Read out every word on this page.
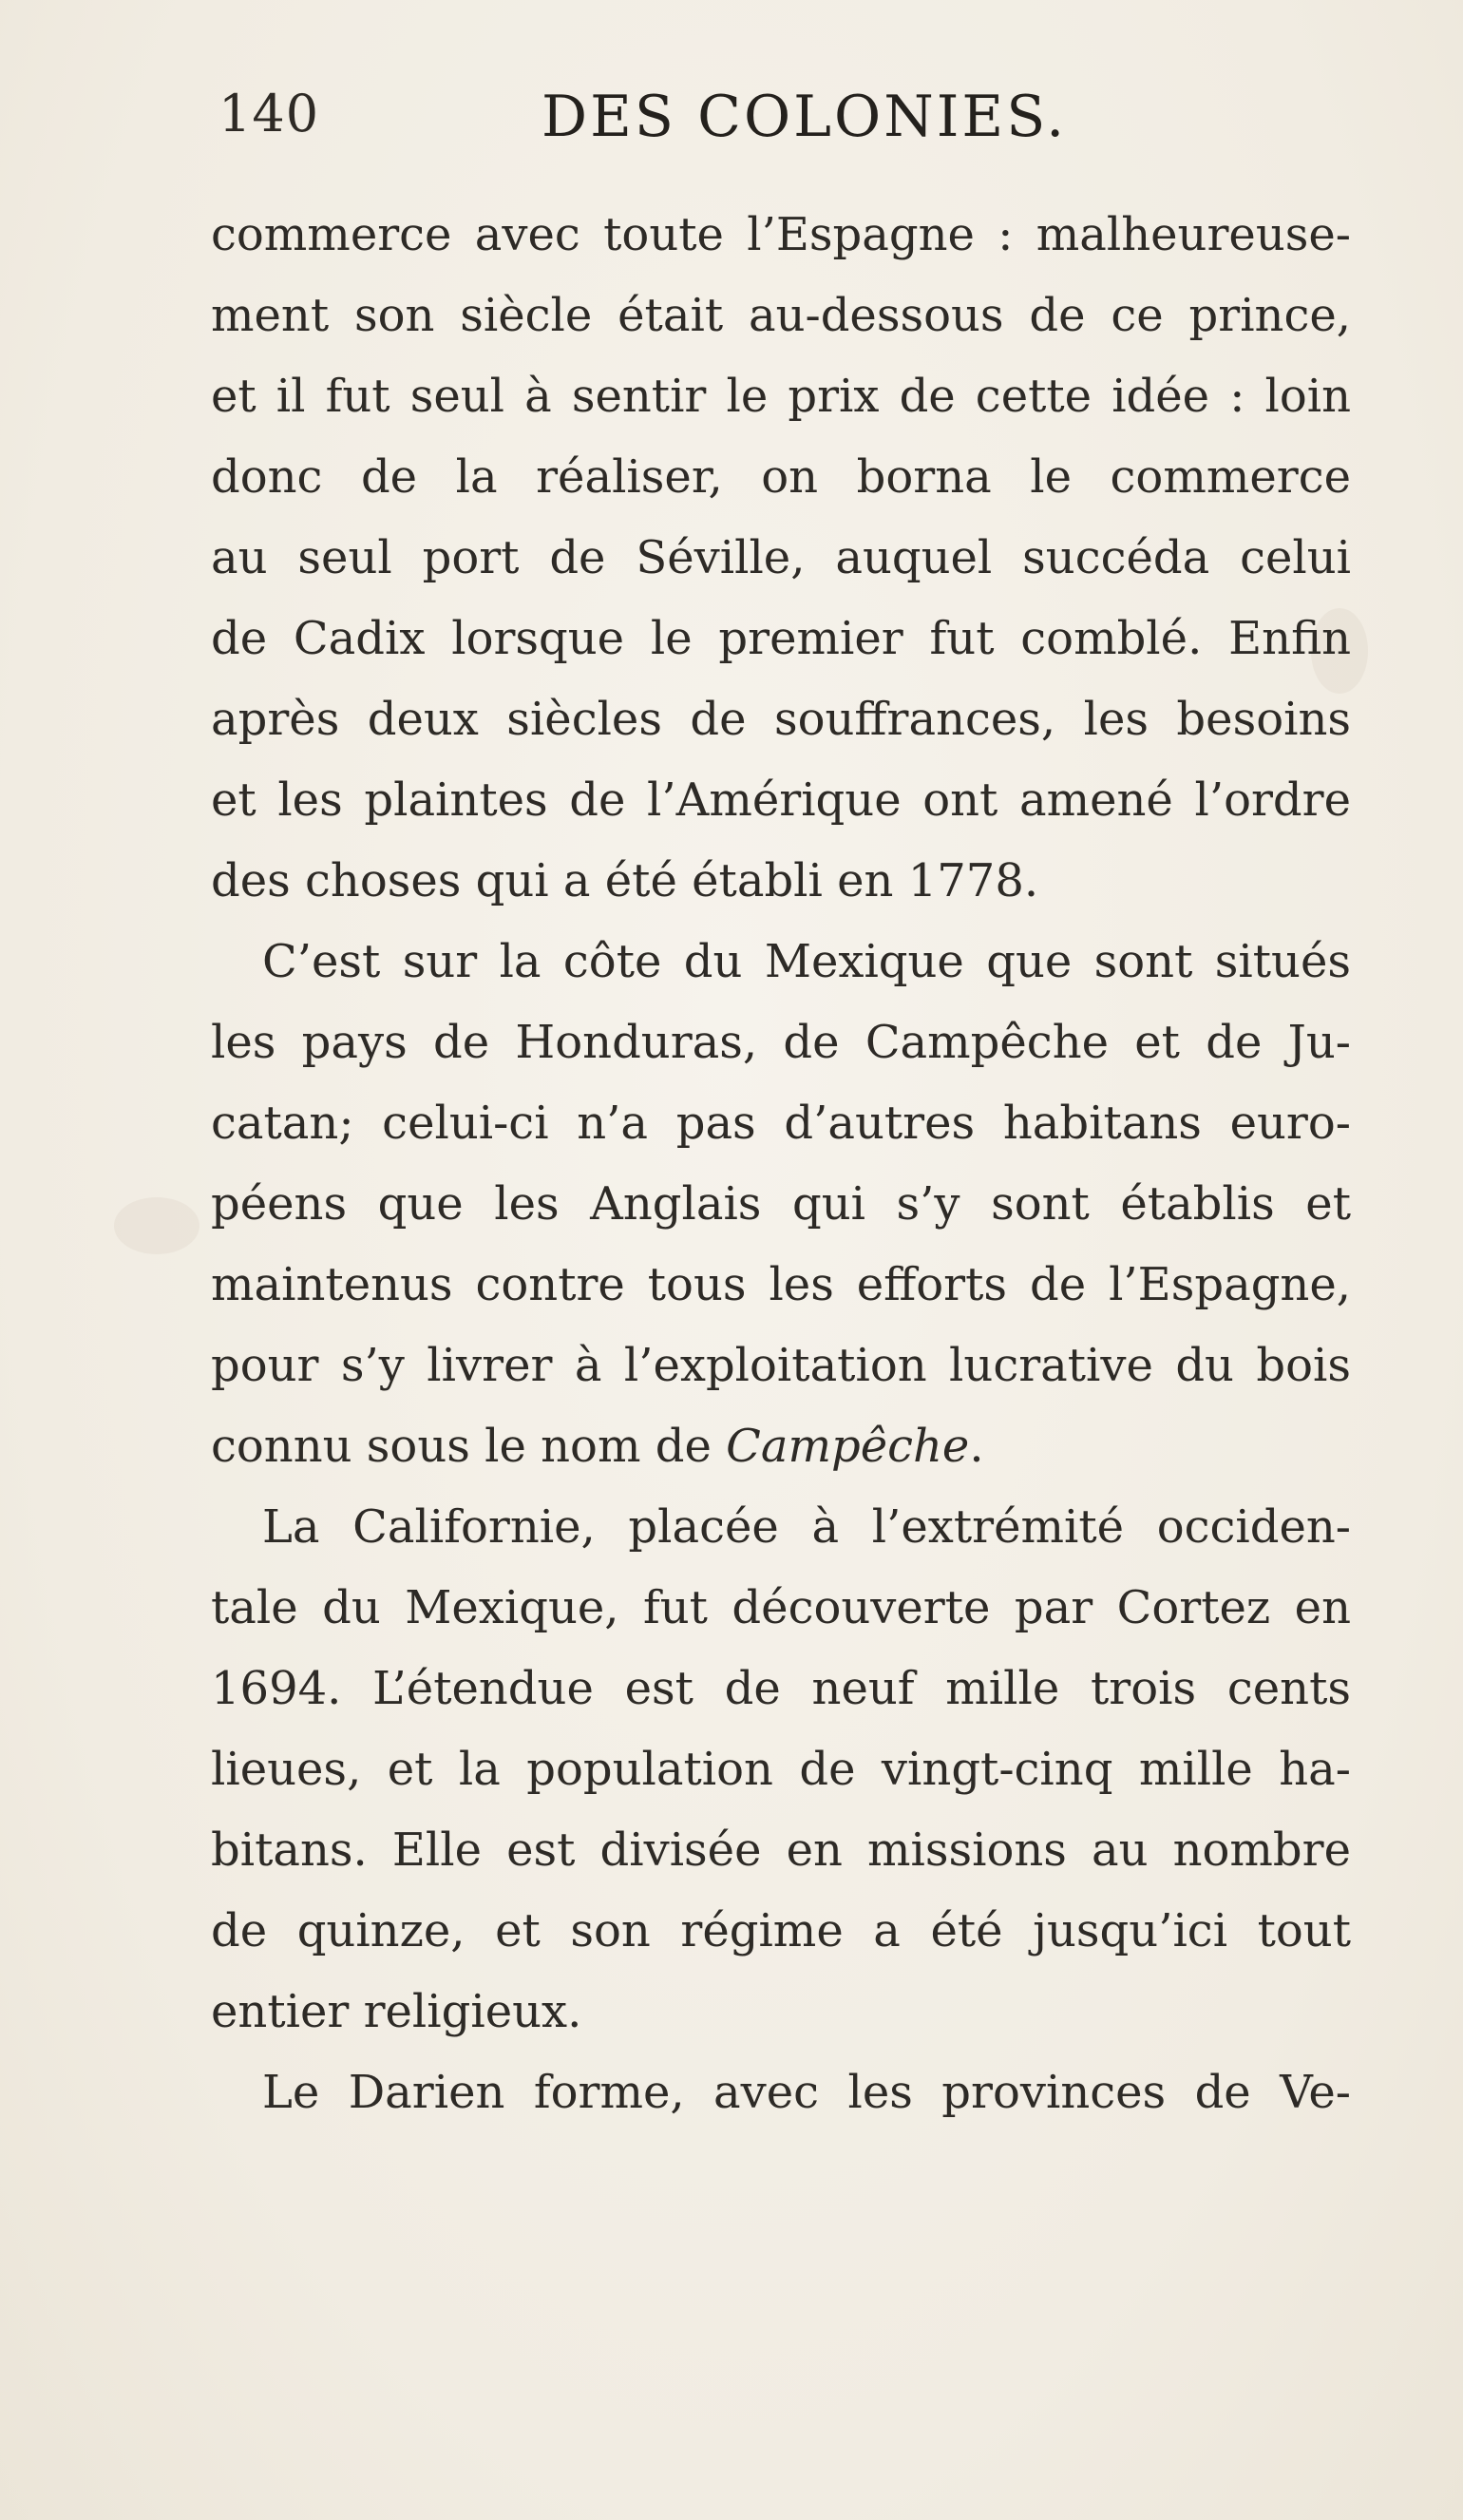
140	DES COLONIES.
commerce avec toute l’Espagne : malheureuse-
ment son siècle était au-dessous de ce prince,
et il fut seul à sentir le prix de cette idée : loin
donc de la réaliser, on borna le commerce
au seul port de Séville, auquel succéda celui
de Cadix lorsque le premier fut comblé. Enfin
après deux siècles de souffrances, les besoins
et les plaintes de l’Amérique ont amené l’ordre
des choses qui a été établi en 1778.
C’est sur la côte du Mexique que sont situés
les pays de Honduras, de Campêche et de Ju-
catan; celui-ci n’a pas d’autres habitans euro-
péens que les Anglais qui s’y sont établis et
maintenus contre tous les efforts de l’Espagne,
pour s’y livrer à l’exploitation lucrative du bois
connu sous le nom de Campêche.
La Californie, placée à l’extrémité occiden-
tale du Mexique, fut découverte par Cortez en
1694. L’étendue est de neuf mille trois cents
lieues, et la population de vingt-cinq mille ha-
bitans. Elle est divisée en missions au nombre
de quinze, et son régime a été jusqu’ici tout
entier religieux.
Le Darien forme, avec les provinces de Ve-
